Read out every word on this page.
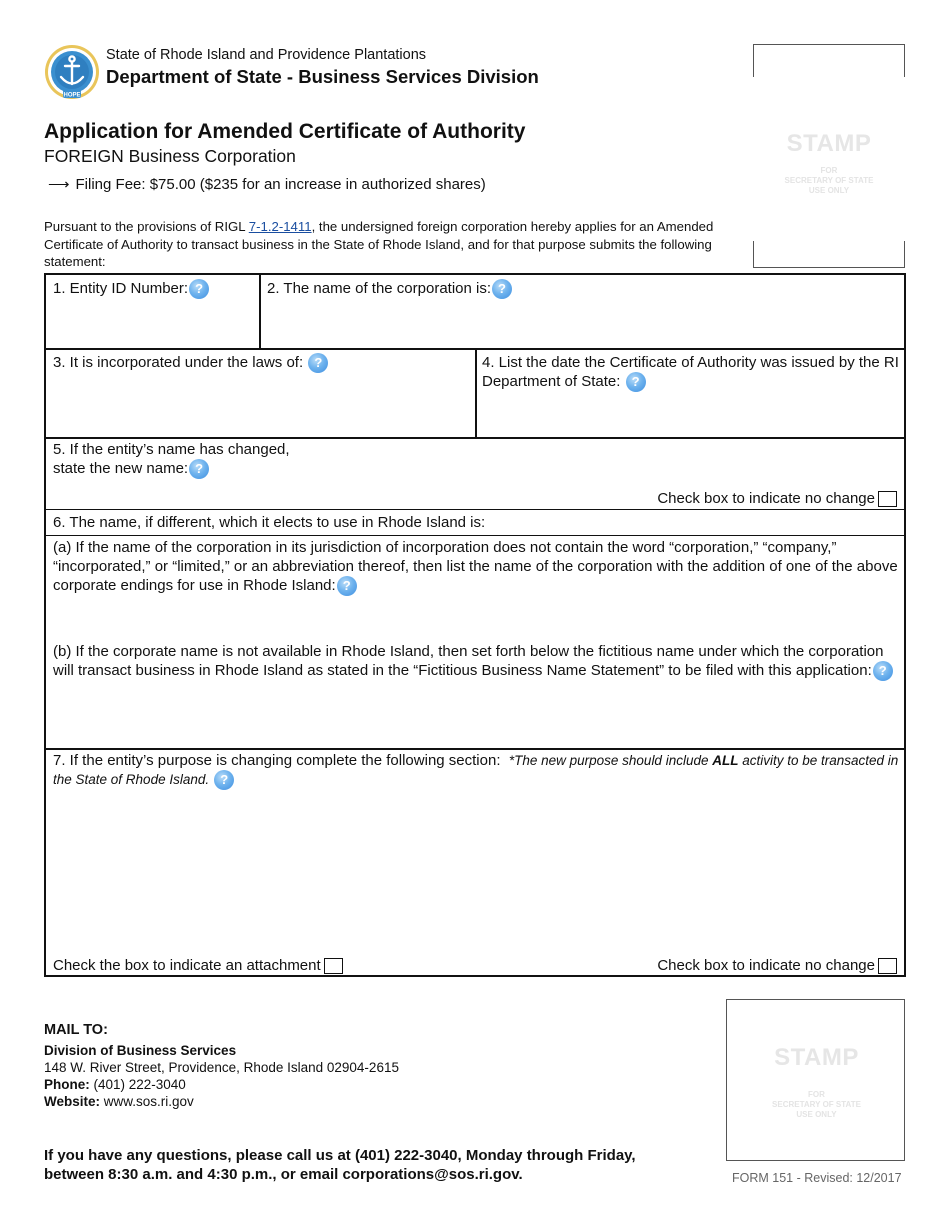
HOPE
State of Rhode Island and Providence Plantations
Department of State - Business Services Division
Application for Amended Certificate of Authority
FOREIGN Business Corporation
⟶ Filing Fee: $75.00 ($235 for an increase in authorized shares)
STAMP
FOR
SECRETARY OF STATE
USE ONLY
Pursuant to the provisions of RIGL 7-1.2-1411, the undersigned foreign corporation hereby applies for an Amended Certificate of Authority to transact business in the State of Rhode Island, and for that purpose submits the following statement:
1. Entity ID Number: ?	2. The name of the corporation is: ?
3. It is incorporated under the laws of: ?	4. List the date the Certificate of Authority was issued by the RI Department of State: ?
5. If the entity’s name has changed,
state the new name: ?
Check box to indicate no change
6. The name, if different, which it elects to use in Rhode Island is:
(a) If the name of the corporation in its jurisdiction of incorporation does not contain the word “corporation,” “company,” “incorporated,” or “limited,” or an abbreviation thereof, then list the name of the corporation with the addition of one of the above corporate endings for use in Rhode Island: ?
(b) If the corporate name is not available in Rhode Island, then set forth below the fictitious name under which the corporation will transact business in Rhode Island as stated in the “Fictitious Business Name Statement” to be filed with this application: ?
7. If the entity’s purpose is changing complete the following section: *The new purpose should include ALL activity to be transacted in the State of Rhode Island. ?
Check the box to indicate an attachment	Check box to indicate no change
MAIL TO:
Division of Business Services
148 W. River Street, Providence, Rhode Island 02904-2615
Phone: (401) 222-3040
Website: www.sos.ri.gov
If you have any questions, please call us at (401) 222-3040, Monday through Friday,
between 8:30 a.m. and 4:30 p.m., or email corporations@sos.ri.gov.
STAMP
FOR
SECRETARY OF STATE
USE ONLY
FORM 151 - Revised: 12/2017
